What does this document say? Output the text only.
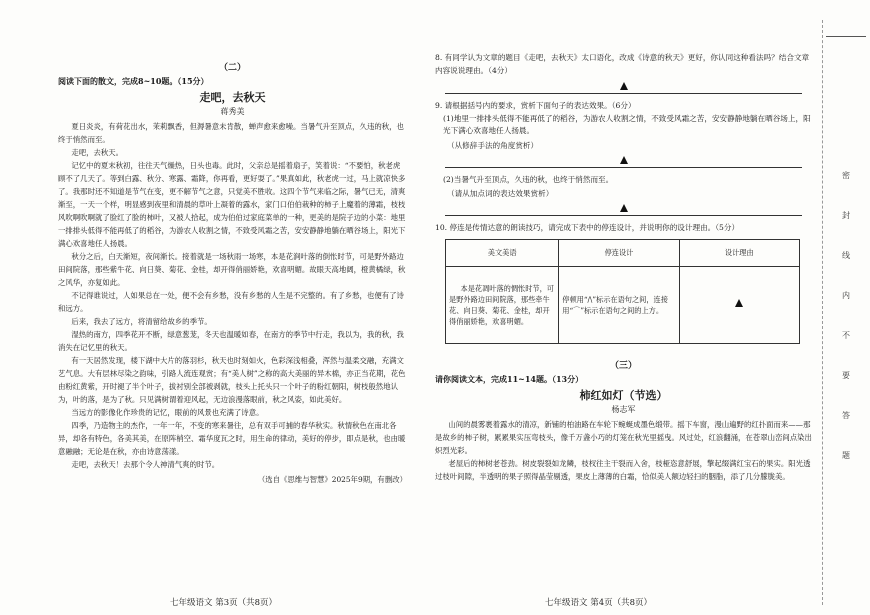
（二）
阅读下面的散文，完成8~10题。（15分）
走吧，去秋天
蒋秀美

夏日炎炎，有荷花出水，茉莉飘香，但溽暑意未肯散，蝉声愈来愈噪。当暑气升至顶点，久违的秋，也终于悄然而至。

走吧，去秋天。

记忆中的夏末秋初，往往天气燥热，日头也毒。此时，父亲总是摇着扇子，笑着说：“不要怕，秋老虎顾不了几天了。等到白露、秋分、寒露、霜降，你再看，更好耍了。”果真如此，秋老虎一过，马上就凉快多了。我那时还不知道是节气在变，更不解节气之意，只觉美不胜收。这四个节气来临之际，暑气已无，清爽渐至，一天一个样，明显感到夜里和清晨的草叶上凝着的露水，家门口伯伯栽种的柿子上魔着的薄霜，枝枝风吹啊吹啊就了脸红了脸的柿叶，又被人拾起，成为伯伯过家庭菜单的一种，更美的是院子边的小菜：地里一排排头低得不能再低了的稻谷，为游农人收割之情，不致受风霜之苦，安安静静地躺在晒谷场上，阳光下满心欢喜地任人扬晨。

秋分之后，白天渐短，夜间渐长。接着就是一场秋雨一场寒，本是花涧叶落的倒怅时节，可是野外路边田间院落，那些紫牛花、向日葵、菊花、金桂，却开得俏丽娇艳，欢喜明媚。故眼天高地阔，橙黄橘绿，秋之风华，亦复如此。

不记得谁说过，人如果总在一处，便不会有乡愁，没有乡愁的人生是不完整的。有了乡愁，也便有了诗和远方。

后来，我去了远方，将清留给故乡的季节。

湿热的南方，四季花开不断，绿意葱茏，冬天也温暖如春，在南方的季节中行走，我以为，我的秋，我消失在记忆里的秋天。

有一天居然发现，楼下湖中大片的落羽杉，秋天也时刻如火，色彩深浅相叠，浑然与温柔交融，充满文艺气息。大有层林尽染之韵味，引路人流连观赏；有“美人树”之称的高大美丽的异木棉，亦正当花期，花色由粉红黄紫，开时褪了半个叶子，拔衬别全部被剥就，枝头上托头只一个叶子的粉红朝阳，树枝般然地认为，叶的落，是为了秋。只见满树谓着迎风起，无边浪漫落眼前，秋之风姿，如此美好。

当远方的影像化作珍贵的记忆，眼前的风景也充满了诗意。

四季，乃造物主的杰作，一年一年，不变的寒来暑往，总有双手可捕的春华秋实。秋情秋色在南北各异，却各有特色，各美其美，在原阵梢空、霜华度瓦之时，用生命的律动，美好的停步，即点是秋，也由暖意融融；无论是在秋，亦由诗意荡漾。

走吧，去秋天！去那个令人神清气爽的时节。

（选自《思维与智慧》2025年9期，有删改）
七年级语文 第3页（共8页）

8. 有同学认为文章的题目《走吧，去秋天》太口语化，改成《诗意的秋天》更好，你认同这种看法吗？结合文章内容说说理由。（4分）

9. 请根据括号内的要求，赏析下面句子的表达效果。（6分）

(1)地里一排排头低得不能再低了的稻谷，为游农人收割之情，不致受风霜之苦，安安静静地躺在晒谷场上，阳光下满心欢喜地任人扬晨。

（从修辞手法的角度赏析）

(2)当暑气升至顶点，久违的秋，也终于悄然而至。

（请从加点词的表达效果赏析）

10. 停连是传情达意的朗读技巧，请完成下表中的停连设计，并说明你的设计理由。（5分）

美文美语	停连设计	设计理由
本是花凋叶落的惆怅时节，可是野外路边田间院落，那些牵牛花、向日葵、菊花、金桂，却开得俏丽娇艳，欢喜明媚。	停顿用“/\”标示在语句之间，连接用“⌒”标示在语句之间的上方。	
（三）
请你阅读文本，完成11~14题。（13分）
柿红如灯（节选）
杨志军

山间的晨雾裹着露水的清凉，新铺的柏油路在车轮下蜿蜒成墨色缎带。摇下车窗，漫山遍野的红扑面而来——那是故乡的柿子树，累累果实压弯枝头，像千万盏小巧的灯笼在秋光里摇曳。风过处，红浪翻涌，在苍翠山峦间点染出炽烈光彩。

老屋后的柿树老苍劲。树皮裂裂如龙鳞，枝杈往主干裂而入舍，枝桠恣意舒展，擎起缀满红宝石的果实。阳光透过枝叶间隙，半透明的果子照得晶莹剔透，果皮上薄薄的白霜，恰似美人额边轻扫的胭脂，添了几分朦胧美。

七年级语文 第4页（共8页）
密
封
线
内
不
要
答
题
